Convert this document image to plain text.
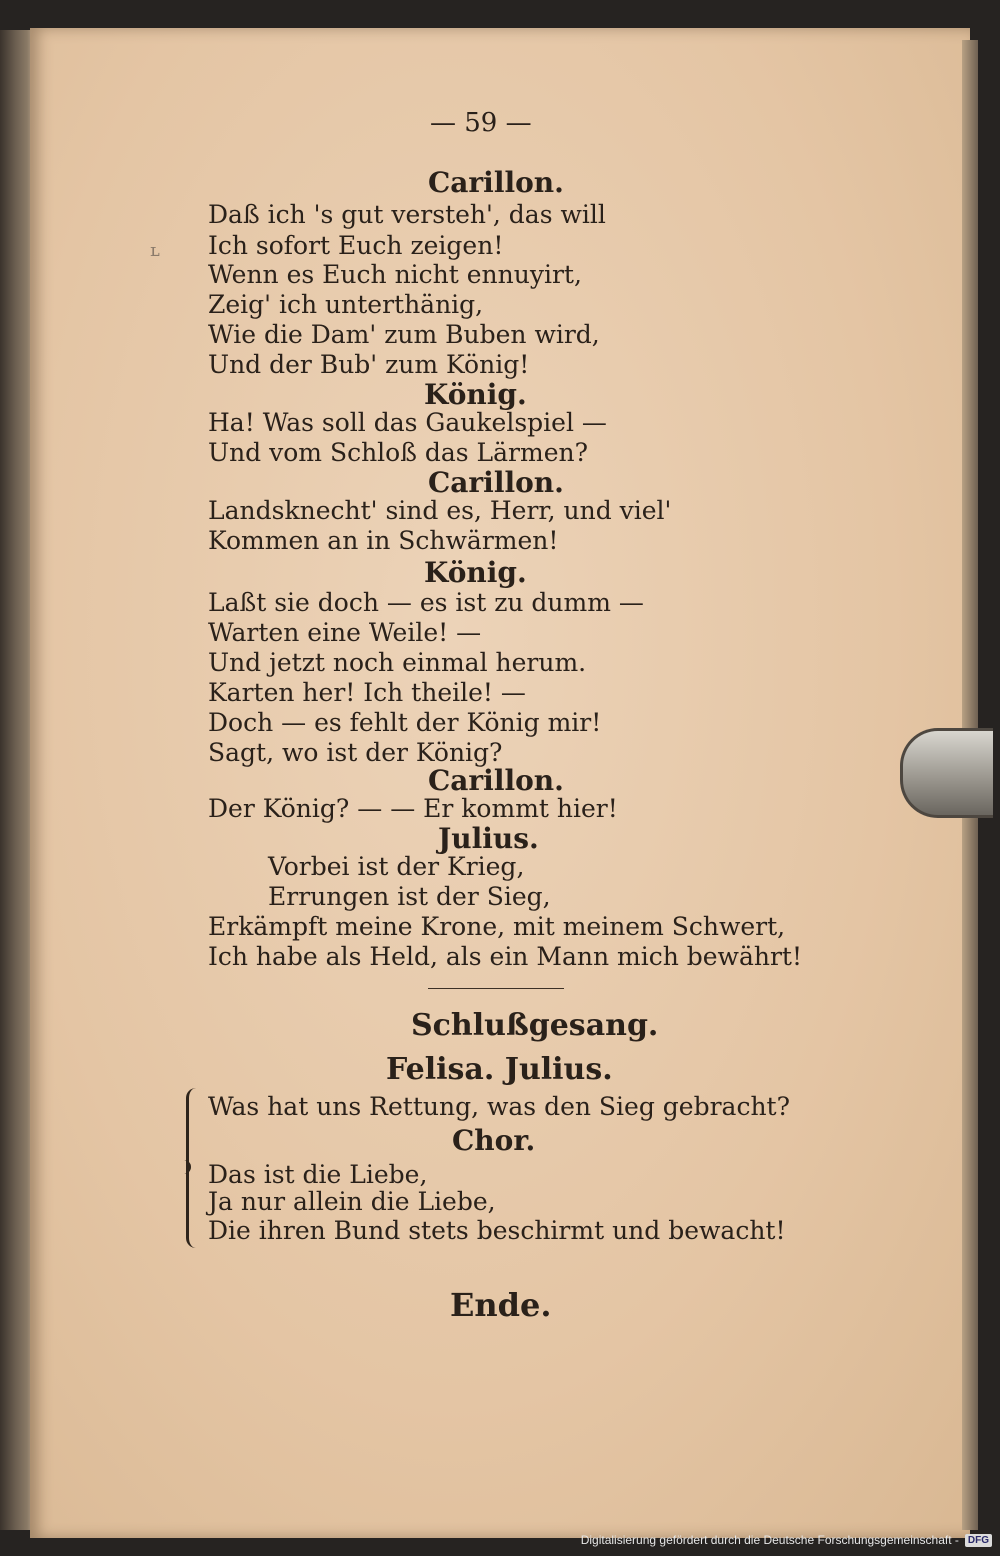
ʟ
— 59 —
Carillon.
Daß ich 's gut versteh', das will
Ich sofort Euch zeigen!
Wenn es Euch nicht ennuyirt,
Zeig' ich unterthänig,
Wie die Dam' zum Buben wird,
Und der Bub' zum König!
König.
Ha! Was soll das Gaukelspiel —
Und vom Schloß das Lärmen?
Carillon.
Landsknecht' sind es, Herr, und viel'
Kommen an in Schwärmen!
König.
Laßt sie doch — es ist zu dumm —
Warten eine Weile! —
Und jetzt noch einmal herum.
Karten her! Ich theile! —
Doch — es fehlt der König mir!
Sagt, wo ist der König?
Carillon.
Der König? — — Er kommt hier!
Julius.
Vorbei ist der Krieg,
Errungen ist der Sieg,
Erkämpft meine Krone, mit meinem Schwert,
Ich habe als Held, als ein Mann mich bewährt!
Schlußgesang.
Felisa. Julius.
Was hat uns Rettung, was den Sieg gebracht?
Chor.
Das ist die Liebe,
Ja nur allein die Liebe,
Die ihren Bund stets beschirmt und bewacht!
Ende.
Digitalisierung gefördert durch die Deutsche Forschungsgemeinschaft - DFG
